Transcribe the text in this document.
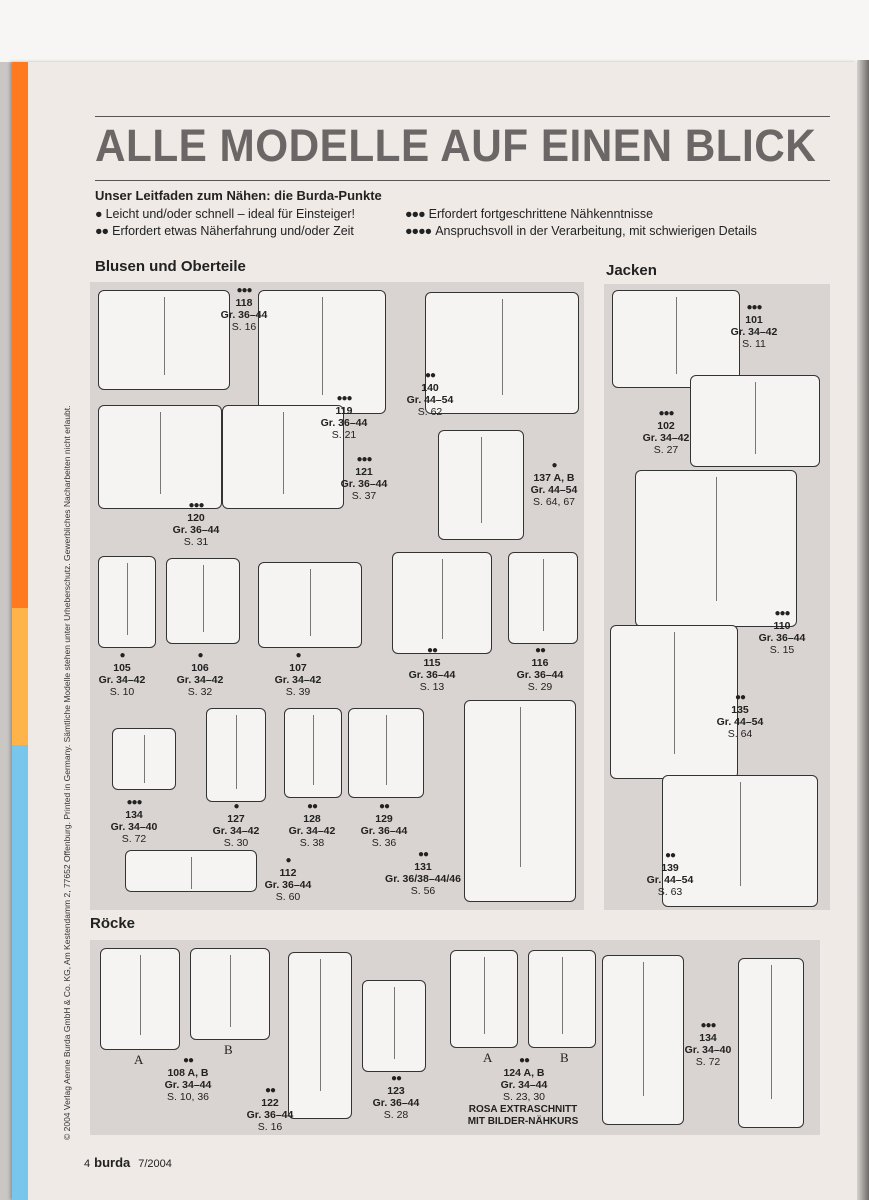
ALLE MODELLE AUF EINEN BLICK
Unser Leitfaden zum Nähen: die Burda-Punkte
● Leicht und/oder schnell – ideal für Einsteiger!
●● Erfordert etwas Näherfahrung und/oder Zeit
●●● Erfordert fortgeschrittene Nähkenntnisse
●●●● Anspruchsvoll in der Verarbeitung, mit schwierigen Details
Blusen und Oberteile	Jacken
Röcke
●●●
118
Gr. 36–44
S. 16
●●●
119
Gr. 36–44
S. 21
●●
140
Gr. 44–54
S. 62
●●●
121
Gr. 36–44
S. 37
●●●
120
Gr. 36–44
S. 31
●
137 A, B
Gr. 44–54
S. 64, 67
●
105
Gr. 34–42
S. 10
●
106
Gr. 34–42
S. 32
●
107
Gr. 34–42
S. 39
●●
115
Gr. 36–44
S. 13
●●
116
Gr. 36–44
S. 29
●●●
134
Gr. 34–40
S. 72
●
127
Gr. 34–42
S. 30
●●
128
Gr. 34–42
S. 38
●●
129
Gr. 36–44
S. 36
●
112
Gr. 36–44
S. 60
●●
131
Gr. 36/38–44/46
S. 56
●●●
101
Gr. 34–42
S. 11
●●●
102
Gr. 34–42
S. 27
●●●
110
Gr. 36–44
S. 15
●●
135
Gr. 44–54
S. 64
●●
139
Gr. 44–54
S. 63
●●
108 A, B
Gr. 34–44
S. 10, 36
●●
122
Gr. 36–44
S. 16
●●
123
Gr. 36–44
S. 28
●●
124 A, B
Gr. 34–44
S. 23, 30
●●●
134
Gr. 34–40
S. 72
A
B
A	B
ROSA EXTRASCHNITT
MIT BILDER-NÄHKURS
© 2004 Verlag Aenne Burda GmbH & Co. KG, Am Kestendamm 2, 77652 Offenburg. Printed in Germany. Sämtliche Modelle stehen unter Urheberschutz. Gewerbliches Nacharbeiten nicht erlaubt.
4 burda 7/2004
